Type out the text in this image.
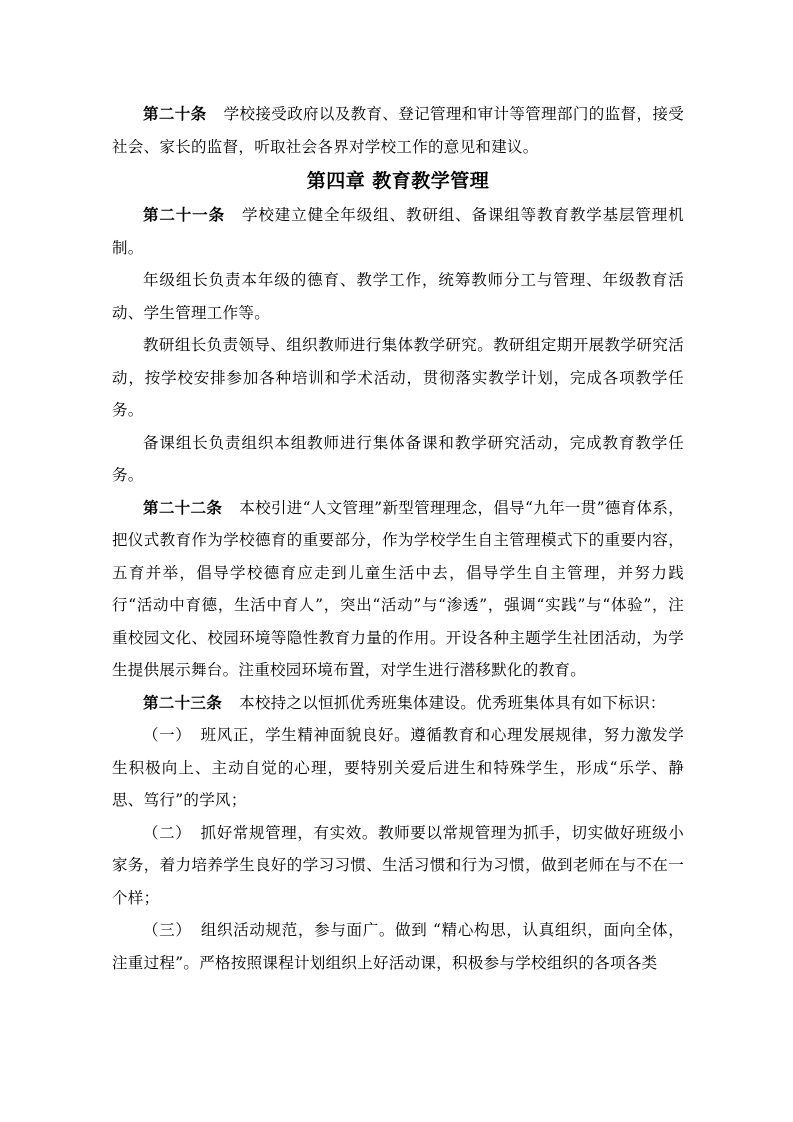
第二十条 学校接受政府以及教育、登记管理和审计等管理部门的监督，接受社会、家长的监督，听取社会各界对学校工作的意见和建议。

第四章 教育教学管理

第二十一条 学校建立健全年级组、教研组、备课组等教育教学基层管理机制。

年级组长负责本年级的德育、教学工作，统筹教师分工与管理、年级教育活动、学生管理工作等。

教研组长负责领导、组织教师进行集体教学研究。教研组定期开展教学研究活动，按学校安排参加各种培训和学术活动，贯彻落实教学计划，完成各项教学任务。

备课组长负责组织本组教师进行集体备课和教学研究活动，完成教育教学任务。

第二十二条 本校引进“人文管理”新型管理理念，倡导“九年一贯”德育体系，把仪式教育作为学校德育的重要部分，作为学校学生自主管理模式下的重要内容，五育并举，倡导学校德育应走到儿童生活中去，倡导学生自主管理，并努力践行“活动中育德，生活中育人”，突出“活动”与“渗透”，强调“实践”与“体验”，注重校园文化、校园环境等隐性教育力量的作用。开设各种主题学生社团活动，为学生提供展示舞台。注重校园环境布置，对学生进行潜移默化的教育。

第二十三条 本校持之以恒抓优秀班集体建设。优秀班集体具有如下标识：

（一） 班风正，学生精神面貌良好。遵循教育和心理发展规律，努力激发学生积极向上、主动自觉的心理，要特别关爱后进生和特殊学生，形成“乐学、静思、笃行”的学风；

（二） 抓好常规管理，有实效。教师要以常规管理为抓手，切实做好班级小家务，着力培养学生良好的学习习惯、生活习惯和行为习惯，做到老师在与不在一个样；

（三） 组织活动规范，参与面广。做到 “精心构思，认真组织，面向全体，注重过程”。严格按照课程计划组织上好活动课，积极参与学校组织的各项各类
